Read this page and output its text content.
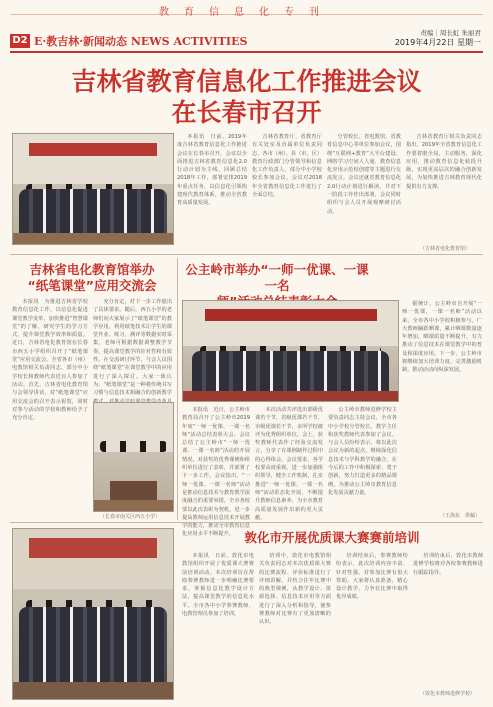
教育信息化专刊
D2 E·教吉林·新闻动态 NEWS ACTIVITIES
责编｜周长虹 朱丽君
2019年4月22日 星期一
吉林省教育信息化工作推进会议
在长春市召开

本报讯　日前，2019年度吉林省教育信息化工作推进会议在长春市召开。会议以全面推进吉林省教育信息化2.0行动计划为主线，回顾总结2018年工作，部署安排2019年重点任务，以信息化引领构建现代教育体系，推动全省教育高质量发展。

吉林省教育厅、省教育厅有关处室及直属单位负责同志，各市（州）、县（市、区）教育行政部门分管领导和信息化工作负责人，部分中小学校校长参加会议。会议对2018年全省教育信息化工作进行了全面总结。

分管校长、省电教馆、省教育信息中心等单位参加会议，围绕“互联网+教育”大平台建设、网络学习空间人人通、教育信息化应用示范校创建等主题进行交流发言。会议还就省教育信息化2.0行动计划进行解读，并对下一阶段工作作出部署，会议同时组织与会人员开展观摩研讨活动。

吉林省教育厅相关负责同志指出，2019年全省教育信息化工作要着眼全局，主动服务，深化应用，推动教育信息化转段升级，实现更高层次的融合创新发展，为加快推进吉林教育现代化提供有力支撑。

（吉林省电化教育馆）
吉林省电化教育馆举办
“纸笔课堂”应用交流会

本报讯　为推进吉林省学校教育信息化工作，以信息化促进课堂教学变革，加快推进“智慧课堂”的了解、研究学生的学习方式，提升课堂教学效率和质量。近日，吉林省电化教育馆在长春市西五小学组织召开了“纸笔课堂”应用交流会。全省各市（州）电教馆相关负责同志、部分中小学校长和教师代表近百人参加了活动。首先，吉林省电化教育馆与会领导讲话，对“纸笔课堂”应用交流会的召开表示祝贺，同时对参与活动的学校和教师给予了充分肯定。

充分肯定，对下一步工作提出了具体要求。随后，西五小学的老师们向大家展示了“纸笔课堂”的教学应用，利用纸笔技术让学生的课堂作业、练习、测评等数据实时采集，老师可根据数据调整教学节奏，提高课堂教学的针对性和有效性。在交流研讨环节，与会人员围绕“纸笔课堂”在课堂教学中的应用进行了深入探讨。大家一致认为，“纸笔课堂”是一种将传统书写习惯与信息技术相融合的创新教学

（长春市南关区西五小学）
公主岭市举办“一师一优课、一课一名

据统计，公主岭市自开展“一师一优课、一课一名师”活动以来，全市各中小学校积极参与，广大教师踊跃晒课，累计晒课数量逐年增加，晒课质量不断提升，有力推动了信息技术在课堂教学中的普及和深度应用。下一步，公主岭市将继续加大培训力度，完善激励机制，推动活动向纵深发展。

本报讯　近日，公主岭市教育局召开了公主岭市2019年度“一师一优课、一课一名师”活动总结表彰大会。会议总结了公主岭市“一师一优课、一课一名师”活动的开展情况，对获奖的优秀课例和组织单位进行了表彰，并部署了下一步工作。会议指出，“一师一优课、一课一名师”活动是推动信息技术与教育教学深度融合的重要举措，全市各校要以此次表彰为契机，进一步提高教师运用信息技术开展教学的能力，推动全市教育信息化应用水平不断提升。

本次活动共评选出部级优课若干节，省级优课若干节，市级优课若干节，多所学校被评为优秀组织单位。会上，获奖教师代表作了经验交流发言，分享了在课例制作过程中的心得体会。会议要求，各学校要高度重视，进一步加强组织领导，健全工作机制，扎实推进“一师一优课、一课一名师”活动常态化开展，不断提升教师信息素养，为全市教育高质量发展作出新的更大贡献。

公主岭市教师进修学校主要负责同志主持会议，全市各中小学校分管校长、教学主任和获奖教师代表参加了会议。与会人员纷纷表示，将以此次会议为新的起点，继续深化信息技术与学科教学的融合，在今后的工作中积极探索、勇于创新，努力打造更多的精品课例，为推动公主岭市教育信息化发展贡献力量。

（王海东　供稿）
敦化市开展优质课大赛赛前培训

本报讯　日前，敦化市电教馆组织开展了优质课大赛赛前培训活动。本次培训旨在帮助参赛教师进一步明确比赛要求，掌握信息化教学设计方法，提高课堂教学的信息化水平。全市各中小学参赛教师、电教管理员参加了培训。

培训中，敦化市电教馆相关负责同志对本次优质课大赛的比赛流程、评价标准进行了详细讲解，并结合往年比赛中的典型课例，从教学设计、资源选择、信息技术应用等方面进行了深入分析和指导，使参赛教师对比赛有了更加清晰的认识。

培训结束后，参赛教师纷纷表示，此次培训内容丰富、针对性强，对参加比赛有很大帮助。大家将认真准备，精心设计教学，力争在比赛中取得优异成绩。

培训结束后，敦化市教师进修学校将对各校参赛教师进行跟踪指导。

（敦化市教师进修学校）
